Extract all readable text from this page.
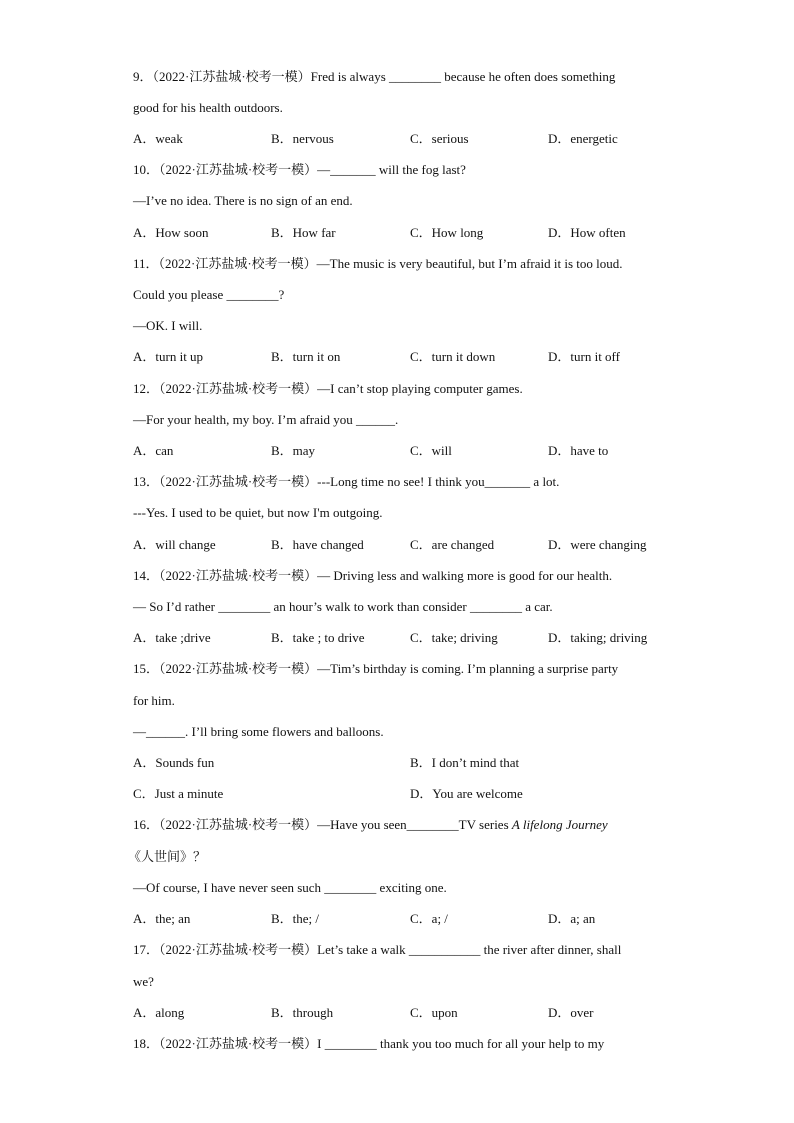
9．（2022·江苏盐城·校考一模）Fred is always ________ because he often does something
good for his health outdoors.
A．weak	B．nervous	C．serious	D．energetic
10．（2022·江苏盐城·校考一模）—_______ will the fog last?
—I’ve no idea. There is no sign of an end.
A．How soon	B．How far	C．How long	D．How often
11．（2022·江苏盐城·校考一模）—The music is very beautiful, but I’m afraid it is too loud.
Could you please ________?
—OK. I will.
A．turn it up	B．turn it on	C．turn it down	D．turn it off
12．（2022·江苏盐城·校考一模）—I can’t stop playing computer games.
—For your health, my boy. I’m afraid you ______.
A．can	B．may	C．will	D．have to
13．（2022·江苏盐城·校考一模）---Long time no see! I think you_______ a lot.
---Yes. I used to be quiet, but now I'm outgoing.
A．will change	B．have changed	C．are changed	D．were changing
14．（2022·江苏盐城·校考一模）— Driving less and walking more is good for our health.
— So I’d rather ________ an hour’s walk to work than consider ________ a car.
A．take ;drive	B．take ; to drive	C．take; driving	D．taking; driving
15．（2022·江苏盐城·校考一模）—Tim’s birthday is coming. I’m planning a surprise party
for him.
—______. I’ll bring some flowers and balloons.
A．Sounds fun	B．I don’t mind that
C．Just a minute	D．You are welcome
16．（2022·江苏盐城·校考一模）—Have you seen________TV series A lifelong Journey
《人世间》？
—Of course, I have never seen such ________ exciting one.
A．the; an	B．the; /	C．a; /	D．a; an
17．（2022·江苏盐城·校考一模）Let’s take a walk ___________ the river after dinner, shall
we?
A．along	B．through	C．upon	D．over
18．（2022·江苏盐城·校考一模）I ________ thank you too much for all your help to my
